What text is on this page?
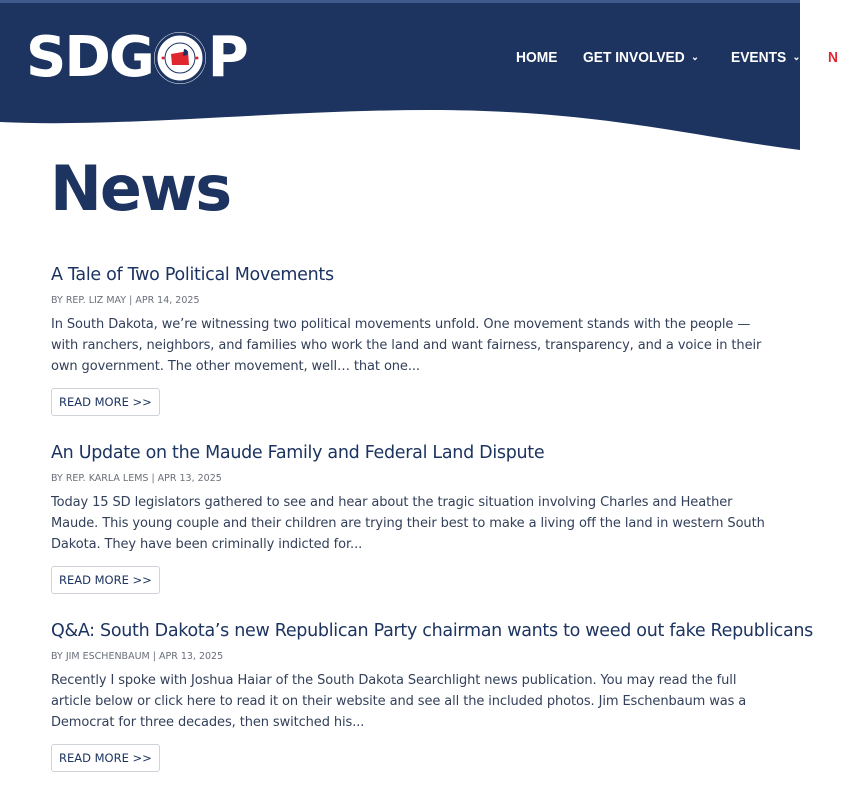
SDG P	HOME GET INVOLVED ⌄ EVENTS ⌄ N
News
A Tale of Two Political Movements
BY REP. LIZ MAY | APR 14, 2025

In South Dakota, we’re witnessing two political movements unfold. One movement stands with the people — with ranchers, neighbors, and families who work the land and want fairness, transparency, and a voice in their own government. The other movement, well… that one...

READ MORE >>
An Update on the Maude Family and Federal Land Dispute
BY REP. KARLA LEMS | APR 13, 2025

Today 15 SD legislators gathered to see and hear about the tragic situation involving Charles and Heather Maude. This young couple and their children are trying their best to make a living off the land in western South Dakota. They have been criminally indicted for...

READ MORE >>
Q&A: South Dakota’s new Republican Party chairman wants to weed out fake Republicans
BY JIM ESCHENBAUM | APR 13, 2025

Recently I spoke with Joshua Haiar of the South Dakota Searchlight news publication. You may read the full article below or click here to read it on their website and see all the included photos. Jim Eschenbaum was a Democrat for three decades, then switched his...

READ MORE >>
